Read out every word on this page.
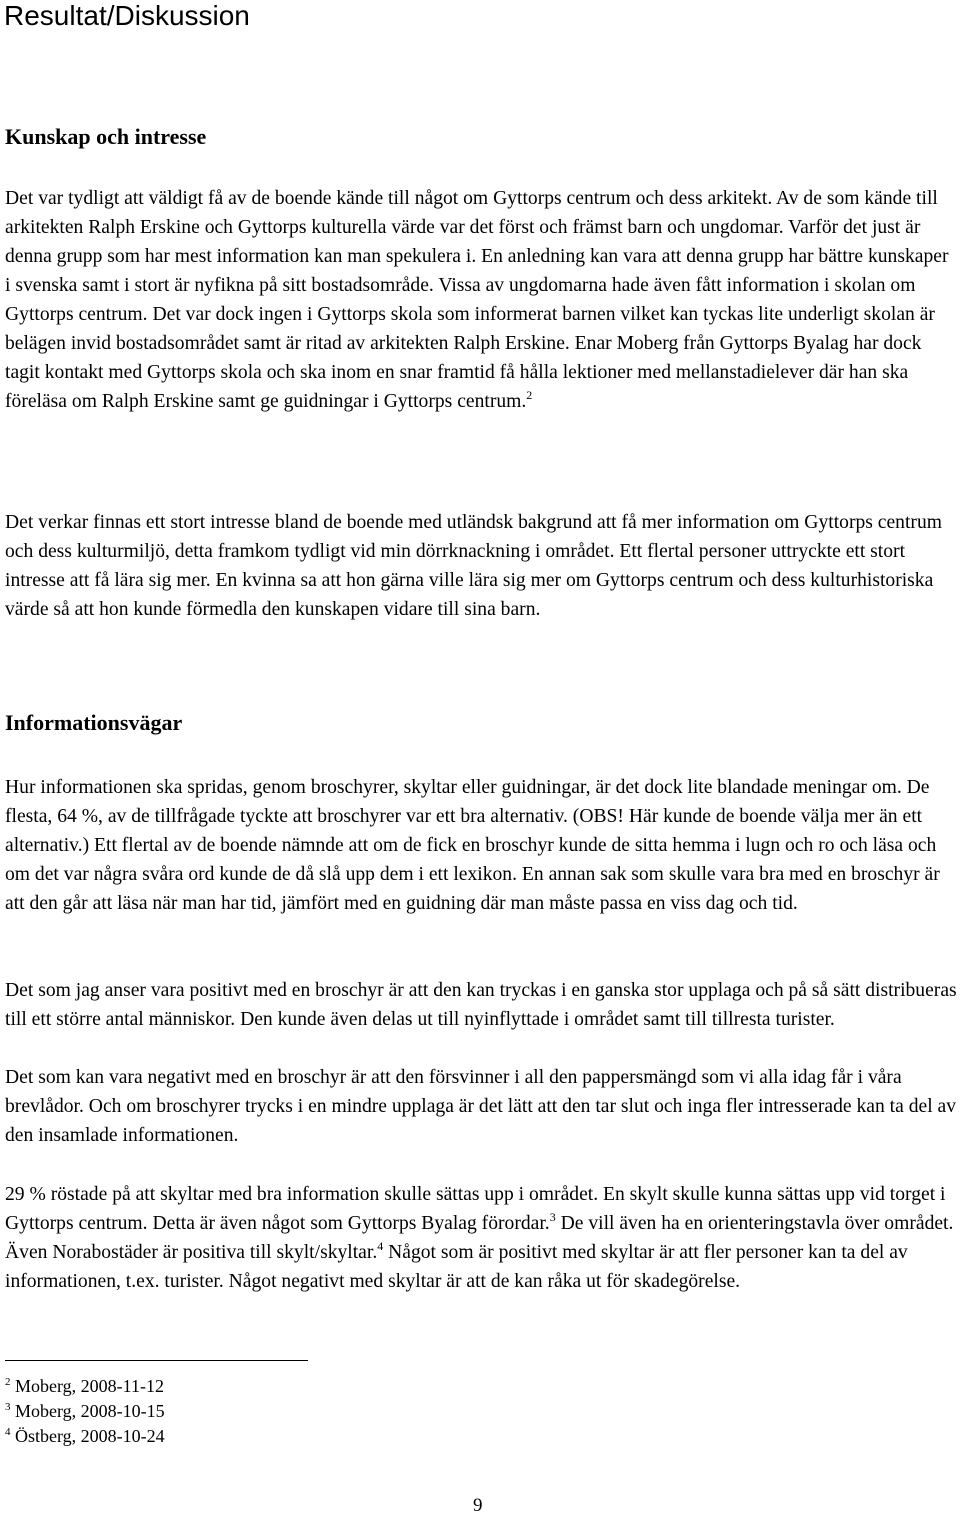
Resultat/Diskussion
Kunskap och intresse

Det var tydligt att väldigt få av de boende kände till något om Gyttorps centrum och dess arkitekt. Av de som kände till arkitekten Ralph Erskine och Gyttorps kulturella värde var det först och främst barn och ungdomar. Varför det just är denna grupp som har mest information kan man spekulera i. En anledning kan vara att denna grupp har bättre kunskaper i svenska samt i stort är nyfikna på sitt bostadsområde. Vissa av ungdomarna hade även fått information i skolan om Gyttorps centrum. Det var dock ingen i Gyttorps skola som informerat barnen vilket kan tyckas lite underligt skolan är belägen invid bostadsområdet samt är ritad av arkitekten Ralph Erskine. Enar Moberg från Gyttorps Byalag har dock tagit kontakt med Gyttorps skola och ska inom en snar framtid få hålla lektioner med mellanstadielever där han ska föreläsa om Ralph Erskine samt ge guidningar i Gyttorps centrum.$^2$

Det verkar finnas ett stort intresse bland de boende med utländsk bakgrund att få mer information om Gyttorps centrum och dess kulturmiljö, detta framkom tydligt vid min dörrknackning i området. Ett flertal personer uttryckte ett stort intresse att få lära sig mer. En kvinna sa att hon gärna ville lära sig mer om Gyttorps centrum och dess kulturhistoriska värde så att hon kunde förmedla den kunskapen vidare till sina barn.

Informationsvägar

Hur informationen ska spridas, genom broschyrer, skyltar eller guidningar, är det dock lite blandade meningar om. De flesta, 64 %, av de tillfrågade tyckte att broschyrer var ett bra alternativ. (OBS! Här kunde de boende välja mer än ett alternativ.) Ett flertal av de boende nämnde att om de fick en broschyr kunde de sitta hemma i lugn och ro och läsa och om det var några svåra ord kunde de då slå upp dem i ett lexikon. En annan sak som skulle vara bra med en broschyr är att den går att läsa när man har tid, jämfört med en guidning där man måste passa en viss dag och tid.

Det som jag anser vara positivt med en broschyr är att den kan tryckas i en ganska stor upplaga och på så sätt distribueras till ett större antal människor. Den kunde även delas ut till nyinflyttade i området samt till tillresta turister.

Det som kan vara negativt med en broschyr är att den försvinner i all den pappersmängd som vi alla idag får i våra brevlådor. Och om broschyrer trycks i en mindre upplaga är det lätt att den tar slut och inga fler intresserade kan ta del av den insamlade informationen.

29 % röstade på att skyltar med bra information skulle sättas upp i området. En skylt skulle kunna sättas upp vid torget i Gyttorps centrum. Detta är även något som Gyttorps Byalag förordar.$^3$ De vill även ha en orienteringstavla över området. Även Norabostäder är positiva till skylt/skyltar.$^4$ Något som är positivt med skyltar är att fler personer kan ta del av informationen, t.ex. turister. Något negativt med skyltar är att de kan råka ut för skadegörelse.

$^2$ Moberg, 2008-11-12
$^3$ Moberg, 2008-10-15
$^4$ Östberg, 2008-10-24
9
